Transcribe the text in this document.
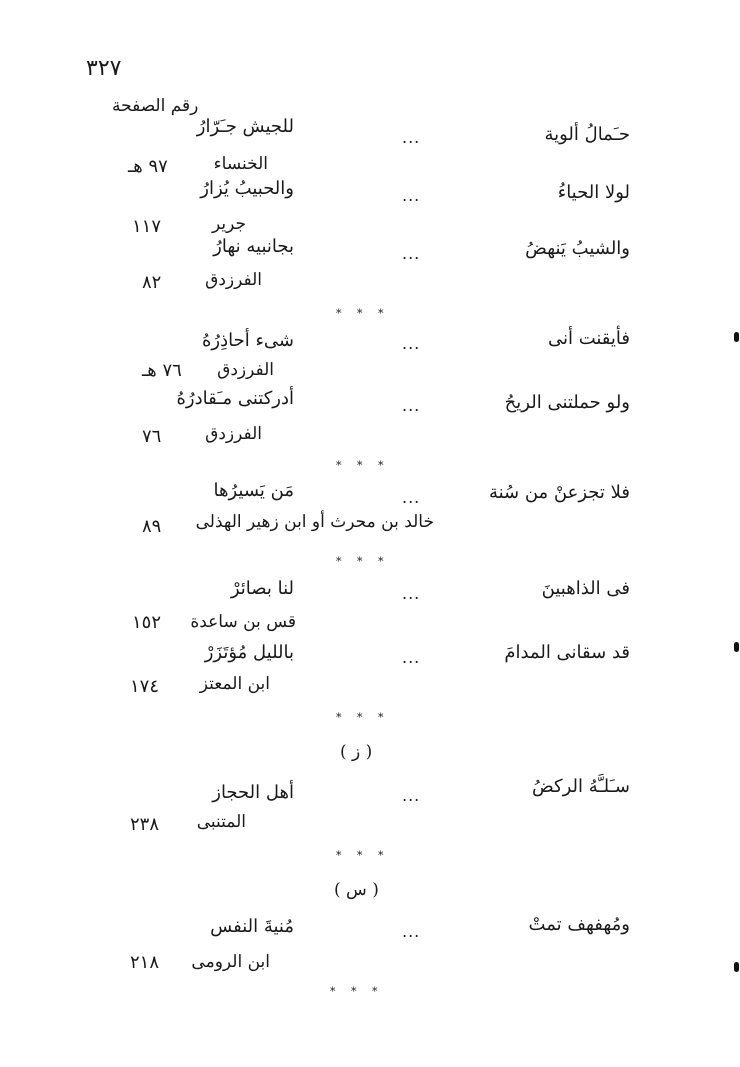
٣٢٧
رقم الصفحة
حـَمالُ ألوية
...
للجيش جـَرّارُ
الخنساء
٩٧ هـ
لولا الحياءُ
...
والحبيبُ يُزارُ
جرير
١١٧
والشيبُ يَنهضُ
...
بجانبيه نهارُ
الفرزدق
٨٢
* * *
فأيقنت أنى
...
شىء أحاذِرُهُ
الفرزدق
٧٦ هـ
ولو حملتنى الريحُ
...
أدركتنى مـَقادرُهُ
الفرزدق
٧٦
* * *
فلا تجزعنْ من سُنة
...
مَن يَسيرُها
خالد بن محرث أو ابن زهير الهذلى
٨٩
* * *
فى الذاهبينَ
...
لنا بصائرْ
قس بن ساعدة
١٥٢
قد سقانى المدامَ
...
بالليل مُؤتَزَرْ
ابن المعتز
١٧٤
* * *
( ز )
سـَلـَّهُ الركضُ
...
أهل الحجاز
المتنبى
٢٣٨
* * *
( س )
ومُهفهف تمتْ
...
مُنيةَ النفس
ابن الرومى
٢١٨
* * *
